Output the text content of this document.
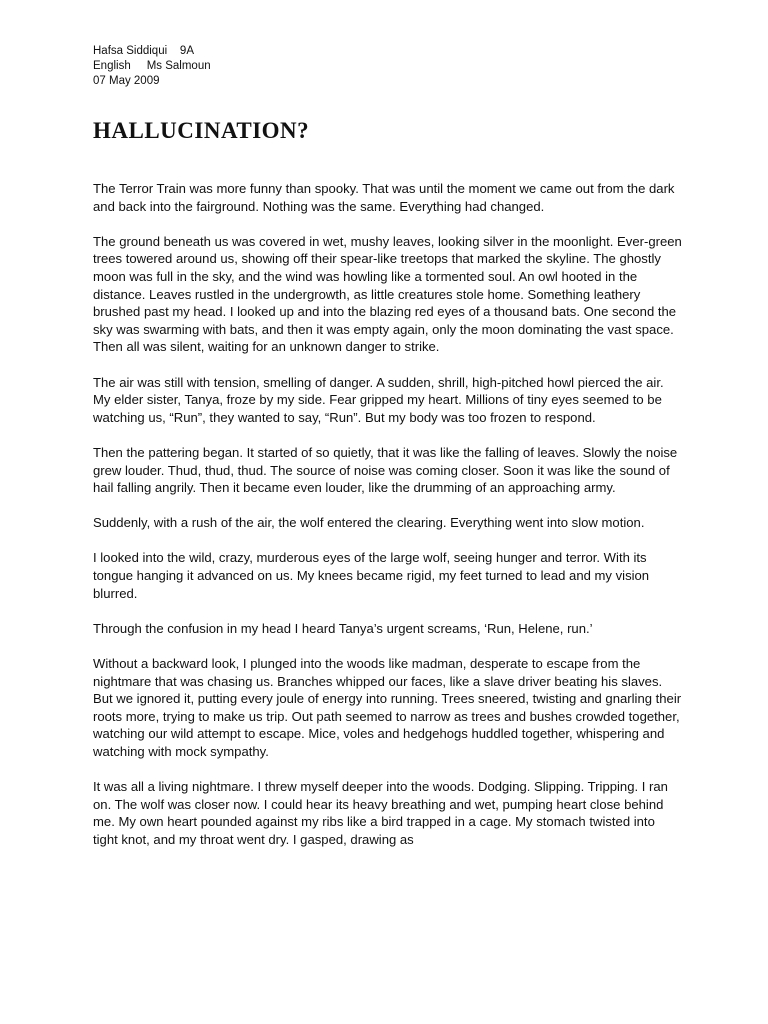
Hafsa Siddiqui    9A
English     Ms Salmoun
07 May 2009
HALLUCINATION?

The Terror Train was more funny than spooky. That was until the moment we came out from the dark and back into the fairground. Nothing was the same. Everything had changed.

The ground beneath us was covered in wet, mushy leaves, looking silver in the moonlight. Ever-green trees towered around us, showing off their spear-like treetops that marked the skyline. The ghostly moon was full in the sky, and the wind was howling like a tormented soul. An owl hooted in the distance. Leaves rustled in the undergrowth, as little creatures stole home. Something leathery brushed past my head. I looked up and into the blazing red eyes of a thousand bats. One second the sky was swarming with bats, and then it was empty again, only the moon dominating the vast space. Then all was silent, waiting for an unknown danger to strike.

The air was still with tension, smelling of danger. A sudden, shrill, high-pitched howl pierced the air. My elder sister, Tanya, froze by my side. Fear gripped my heart. Millions of tiny eyes seemed to be watching us, “Run”, they wanted to say, “Run”. But my body was too frozen to respond.

Then the pattering began. It started of so quietly, that it was like the falling of leaves. Slowly the noise grew louder. Thud, thud, thud. The source of noise was coming closer. Soon it was like the sound of hail falling angrily. Then it became even louder, like the drumming of an approaching army.

Suddenly, with a rush of the air, the wolf entered the clearing. Everything went into slow motion.

I looked into the wild, crazy, murderous eyes of the large wolf, seeing hunger and terror. With its tongue hanging it advanced on us. My knees became rigid, my feet turned to lead and my vision blurred.

Through the confusion in my head I heard Tanya’s urgent screams, ‘Run, Helene, run.’

Without a backward look, I plunged into the woods like madman, desperate to escape from the nightmare that was chasing us. Branches whipped our faces, like a slave driver beating his slaves. But we ignored it, putting every joule of energy into running. Trees sneered, twisting and gnarling their roots more, trying to make us trip. Out path seemed to narrow as trees and bushes crowded together, watching our wild attempt to escape. Mice, voles and hedgehogs huddled together, whispering and watching with mock sympathy.

It was all a living nightmare. I threw myself deeper into the woods. Dodging. Slipping. Tripping. I ran on. The wolf was closer now. I could hear its heavy breathing and wet, pumping heart close behind me. My own heart pounded against my ribs like a bird trapped in a cage. My stomach twisted into tight knot, and my throat went dry. I gasped, drawing as
